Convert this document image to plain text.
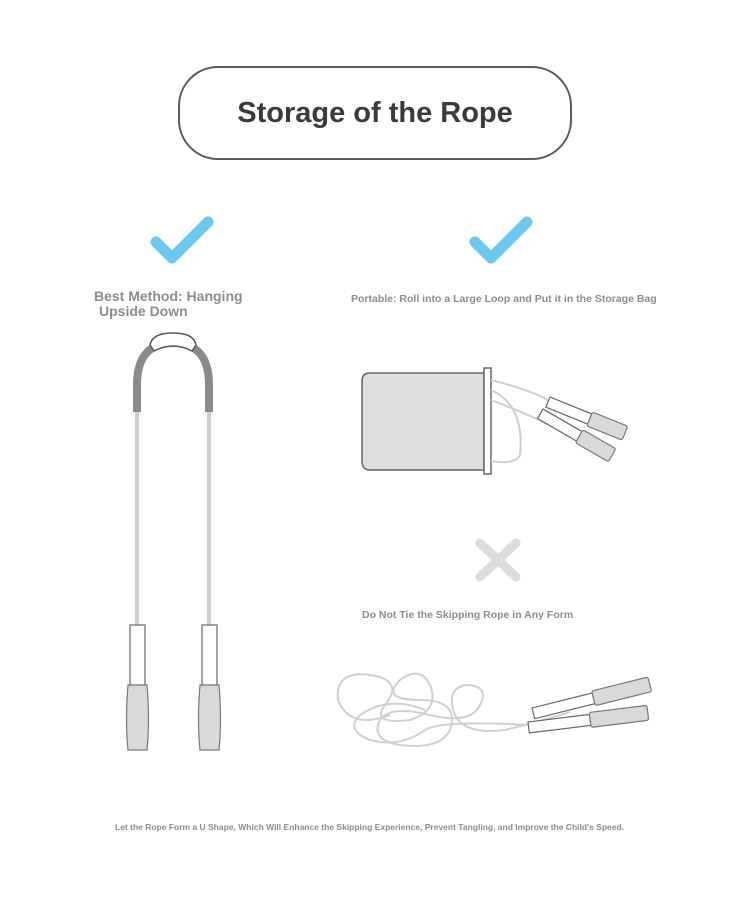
Storage of the Rope
Best Method: Hanging
Upside Down
Portable: Roll into a Large Loop and Put it in the Storage Bag
Do Not Tie the Skipping Rope in Any Form
Let the Rope Form a U Shape, Which Will Enhance the Skipping Experience, Prevent Tangling, and Improve the Child's Speed.
